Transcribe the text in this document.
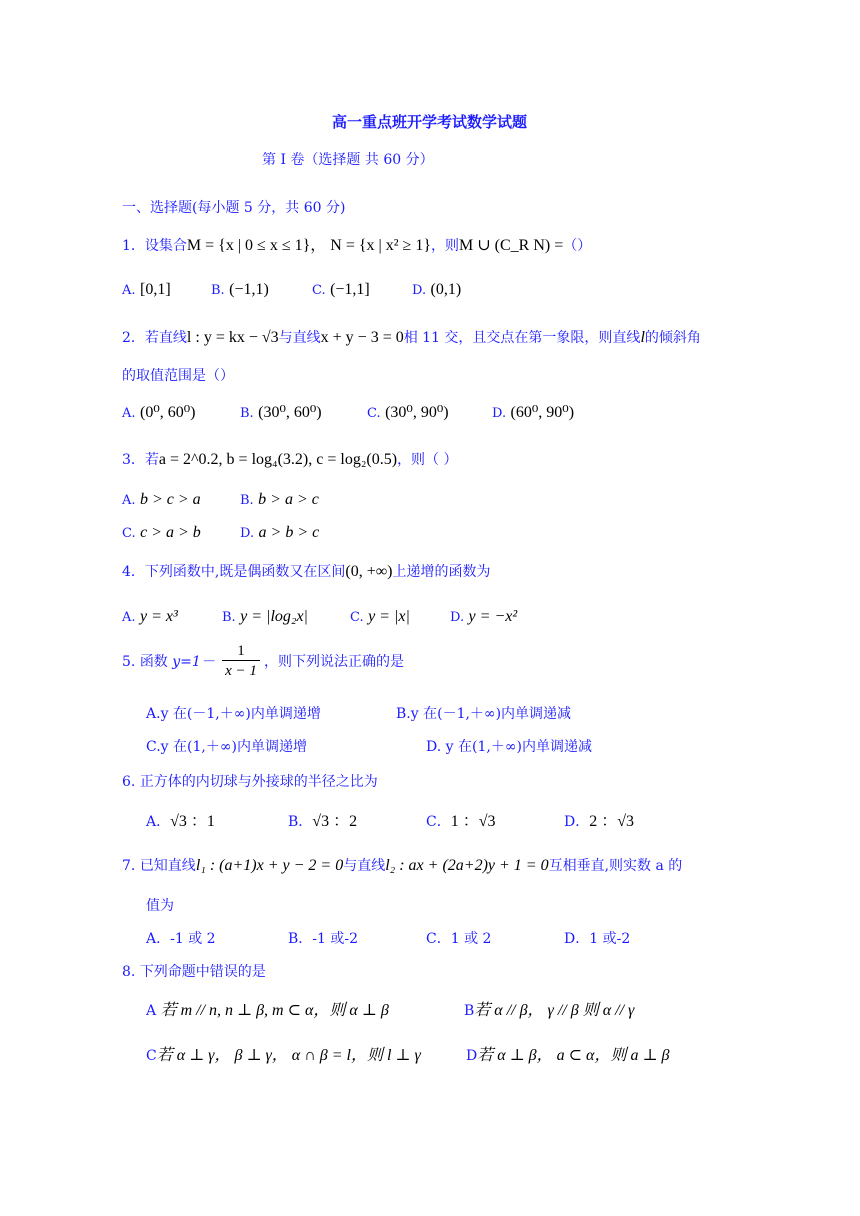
高一重点班开学考试数学试题
第 I 卷（选择题 共 60 分）
一、选择题(每小题 5 分，共 60 分)
1．设集合M = {x | 0 ≤ x ≤ 1}， N = {x | x² ≥ 1}，则M ∪ (C_R N) =（）
A. [0,1]	B. (−1,1)	C. (−1,1]	D. (0,1)
2．若直线l : y = kx − √3与直线x + y − 3 = 0相 11 交，且交点在第一象限，则直线l的倾斜角
的取值范围是（）
A. (0⁰, 60⁰)	B. (30⁰, 60⁰)	C. (30⁰, 90⁰)	D. (60⁰, 90⁰)
3．若a = 2^0.2, b = log₄(3.2), c = log₂(0.5)，则（ ）
A. b > c > a	B. b > a > c
C. c > a > b	D. a > b > c
4．下列函数中,既是偶函数又在区间(0, +∞)上递增的函数为
A. y = x³	B. y = |log₂x|	C. y = |x|	D. y = −x²
5. 函数 $y=1- \frac{1}{x - 1}$ ，则下列说法正确的是
A.y 在(－1,＋∞)内单调递增	B.y 在(－1,＋∞)内单调递减
C.y 在(1,＋∞)内单调递增	D. y 在(1,＋∞)内单调递减
6. 正方体的内切球与外接球的半径之比为
A．√3 ：1	B．√3 ：2	C．1 ：√3	D．2 ：√3
7. 已知直线l₁ : (a+1)x + y − 2 = 0与直线l₂ : ax + (2a+2)y + 1 = 0互相垂直,则实数 a 的
值为
A．-1 或 2	B．-1 或-2	C．1 或 2	D．1 或-2
8. 下列命题中错误的是
A 若 m // n, n ⊥ β, m ⊂ α，则 α ⊥ β	B若 α // β， γ // β 则 α // γ
C若 α ⊥ γ， β ⊥ γ， α ∩ β = l，则 l ⊥ γ	D若 α ⊥ β， a ⊂ α，则 a ⊥ β
